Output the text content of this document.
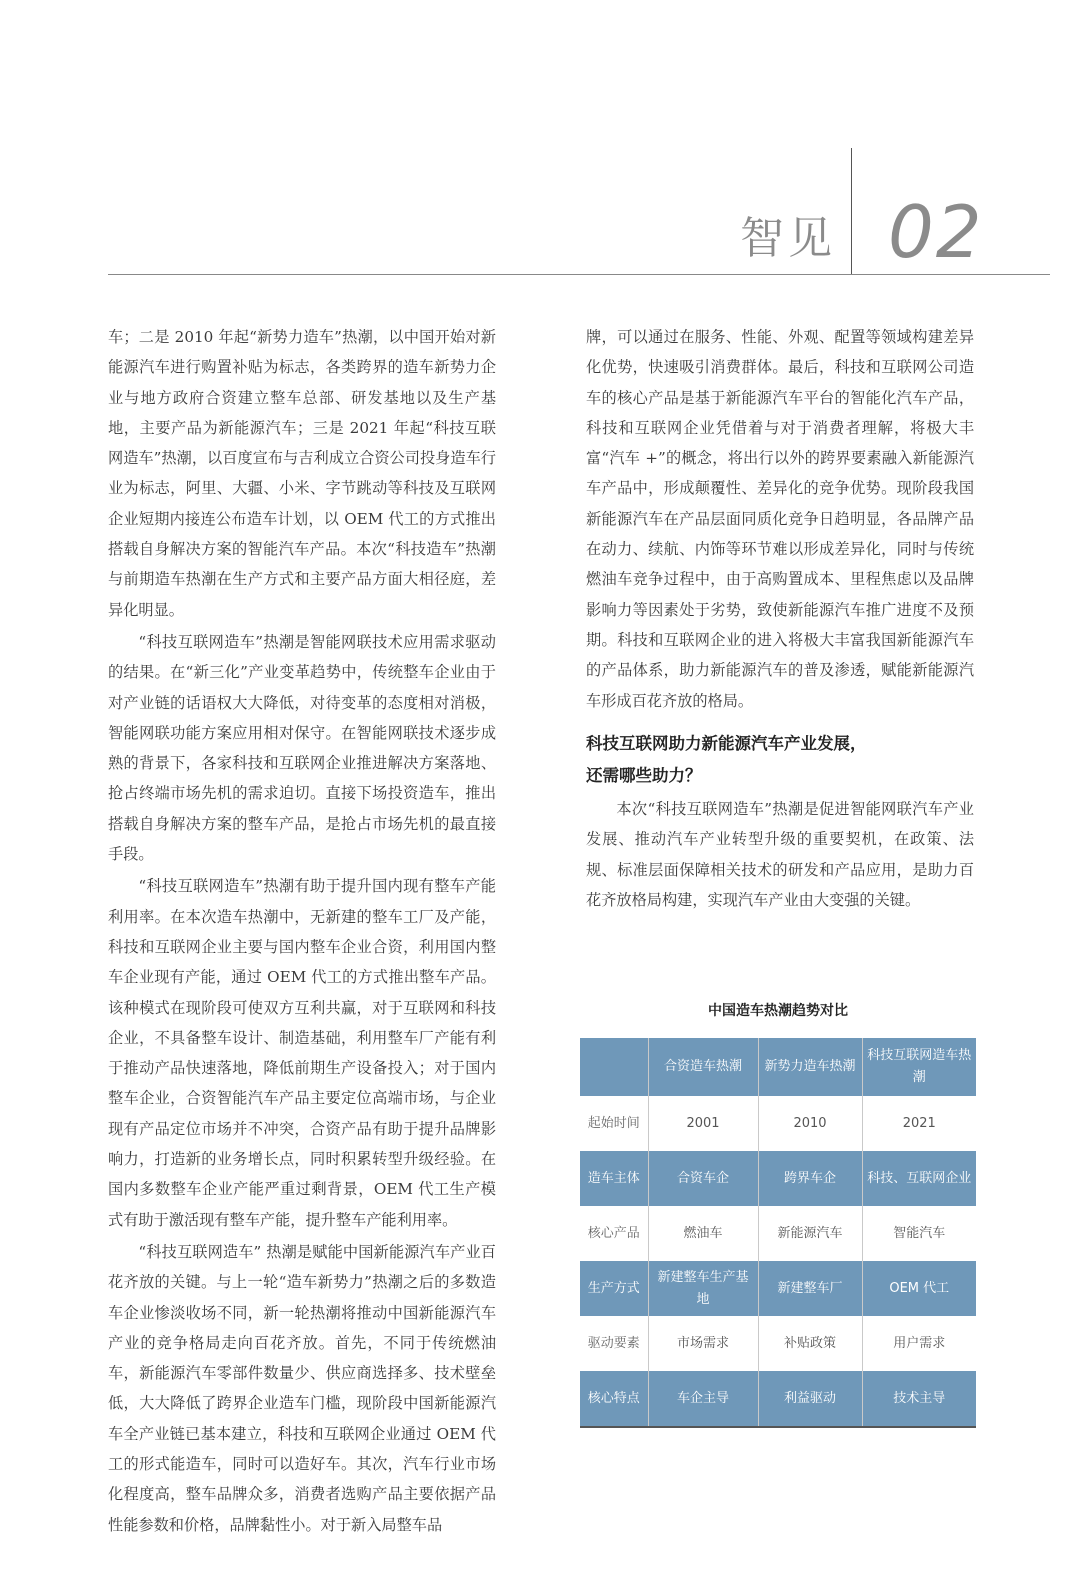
智见 02

车；二是 2010 年起“新势力造车”热潮，以中国开始对新能源汽车进行购置补贴为标志，各类跨界的造车新势力企业与地方政府合资建立整车总部、研发基地以及生产基地，主要产品为新能源汽车；三是 2021 年起“科技互联网造车”热潮，以百度宣布与吉利成立合资公司投身造车行业为标志，阿里、大疆、小米、字节跳动等科技及互联网企业短期内接连公布造车计划，以 OEM 代工的方式推出搭载自身解决方案的智能汽车产品。本次“科技造车”热潮与前期造车热潮在生产方式和主要产品方面大相径庭，差异化明显。

“科技互联网造车”热潮是智能网联技术应用需求驱动的结果。在“新三化”产业变革趋势中，传统整车企业由于对产业链的话语权大大降低，对待变革的态度相对消极，智能网联功能方案应用相对保守。在智能网联技术逐步成熟的背景下，各家科技和互联网企业推进解决方案落地、抢占终端市场先机的需求迫切。直接下场投资造车，推出搭载自身解决方案的整车产品，是抢占市场先机的最直接手段。

“科技互联网造车”热潮有助于提升国内现有整车产能利用率。在本次造车热潮中，无新建的整车工厂及产能，科技和互联网企业主要与国内整车企业合资，利用国内整车企业现有产能，通过 OEM 代工的方式推出整车产品。该种模式在现阶段可使双方互利共赢，对于互联网和科技企业，不具备整车设计、制造基础，利用整车厂产能有利于推动产品快速落地，降低前期生产设备投入；对于国内整车企业，合资智能汽车产品主要定位高端市场，与企业现有产品定位市场并不冲突，合资产品有助于提升品牌影响力，打造新的业务增长点，同时积累转型升级经验。在国内多数整车企业产能严重过剩背景，OEM 代工生产模式有助于激活现有整车产能，提升整车产能利用率。

“科技互联网造车” 热潮是赋能中国新能源汽车产业百花齐放的关键。与上一轮“造车新势力”热潮之后的多数造车企业惨淡收场不同，新一轮热潮将推动中国新能源汽车产业的竞争格局走向百花齐放。首先，不同于传统燃油车，新能源汽车零部件数量少、供应商选择多、技术壁垒低，大大降低了跨界企业造车门槛，现阶段中国新能源汽车全产业链已基本建立，科技和互联网企业通过 OEM 代工的形式能造车，同时可以造好车。其次，汽车行业市场化程度高，整车品牌众多，消费者选购产品主要依据产品性能参数和价格，品牌黏性小。对于新入局整车品

牌，可以通过在服务、性能、外观、配置等领域构建差异化优势，快速吸引消费群体。最后，科技和互联网公司造车的核心产品是基于新能源汽车平台的智能化汽车产品，科技和互联网企业凭借着与对于消费者理解，将极大丰富“汽车 +”的概念，将出行以外的跨界要素融入新能源汽车产品中，形成颠覆性、差异化的竞争优势。现阶段我国新能源汽车在产品层面同质化竞争日趋明显，各品牌产品在动力、续航、内饰等环节难以形成差异化，同时与传统燃油车竞争过程中，由于高购置成本、里程焦虑以及品牌影响力等因素处于劣势，致使新能源汽车推广进度不及预期。科技和互联网企业的进入将极大丰富我国新能源汽车的产品体系，助力新能源汽车的普及渗透，赋能新能源汽车形成百花齐放的格局。

科技互联网助力新能源汽车产业发展，
还需哪些助力？

本次“科技互联网造车”热潮是促进智能网联汽车产业发展、推动汽车产业转型升级的重要契机，在政策、法规、标准层面保障相关技术的研发和产品应用，是助力百花齐放格局构建，实现汽车产业由大变强的关键。

中国造车热潮趋势对比
	合资造车热潮	新势力造车热潮	科技互联网造车热潮
起始时间	2001	2010	2021
造车主体	合资车企	跨界车企	科技、互联网企业
核心产品	燃油车	新能源汽车	智能汽车
生产方式	新建整车生产基地	新建整车厂	OEM 代工
驱动要素	市场需求	补贴政策	用户需求
核心特点	车企主导	利益驱动	技术主导
